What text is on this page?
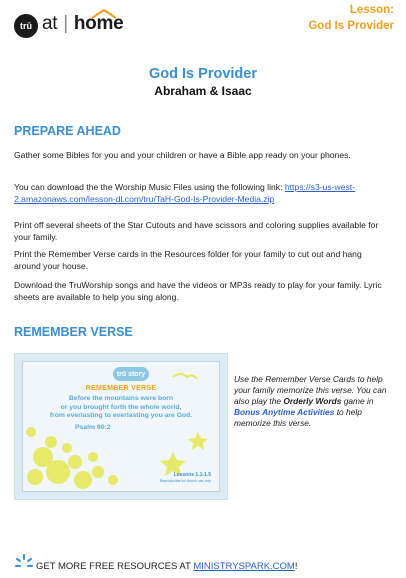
trū at | home
Lesson:
God Is Provider
God Is Provider
Abraham & Isaac
PREPARE AHEAD
Gather some Bibles for you and your children or have a Bible app ready on your phones.
You can download the the Worship Music Files using the following link: https://s3-us-west-2.amazonaws.com/lesson-dl.com/tru/TaH-God-Is-Provider-Media.zip
Print off several sheets of the Star Cutouts and have scissors and coloring supplies available for your family.
Print the Remember Verse cards in the Resources folder for your family to cut out and hang around your house.
Download the TruWorship songs and have the videos or MP3s ready to play for your family. Lyric sheets are available to help you sing along.
REMEMBER VERSE
trū story
REMEMBER VERSE
Before the mountains were born
or you brought forth the whole world,
from everlasting to everlasting you are God.
Psalm 90:2
Lessons 1.1-1.5
Reproducible for church use only
Use the Remember Verse Cards to help your family memorize this verse. You can also play the Orderly Words game in Bonus Anytime Activities to help memorize this verse.
GET MORE FREE RESOURCES AT MINISTRYSPARK.COM!
